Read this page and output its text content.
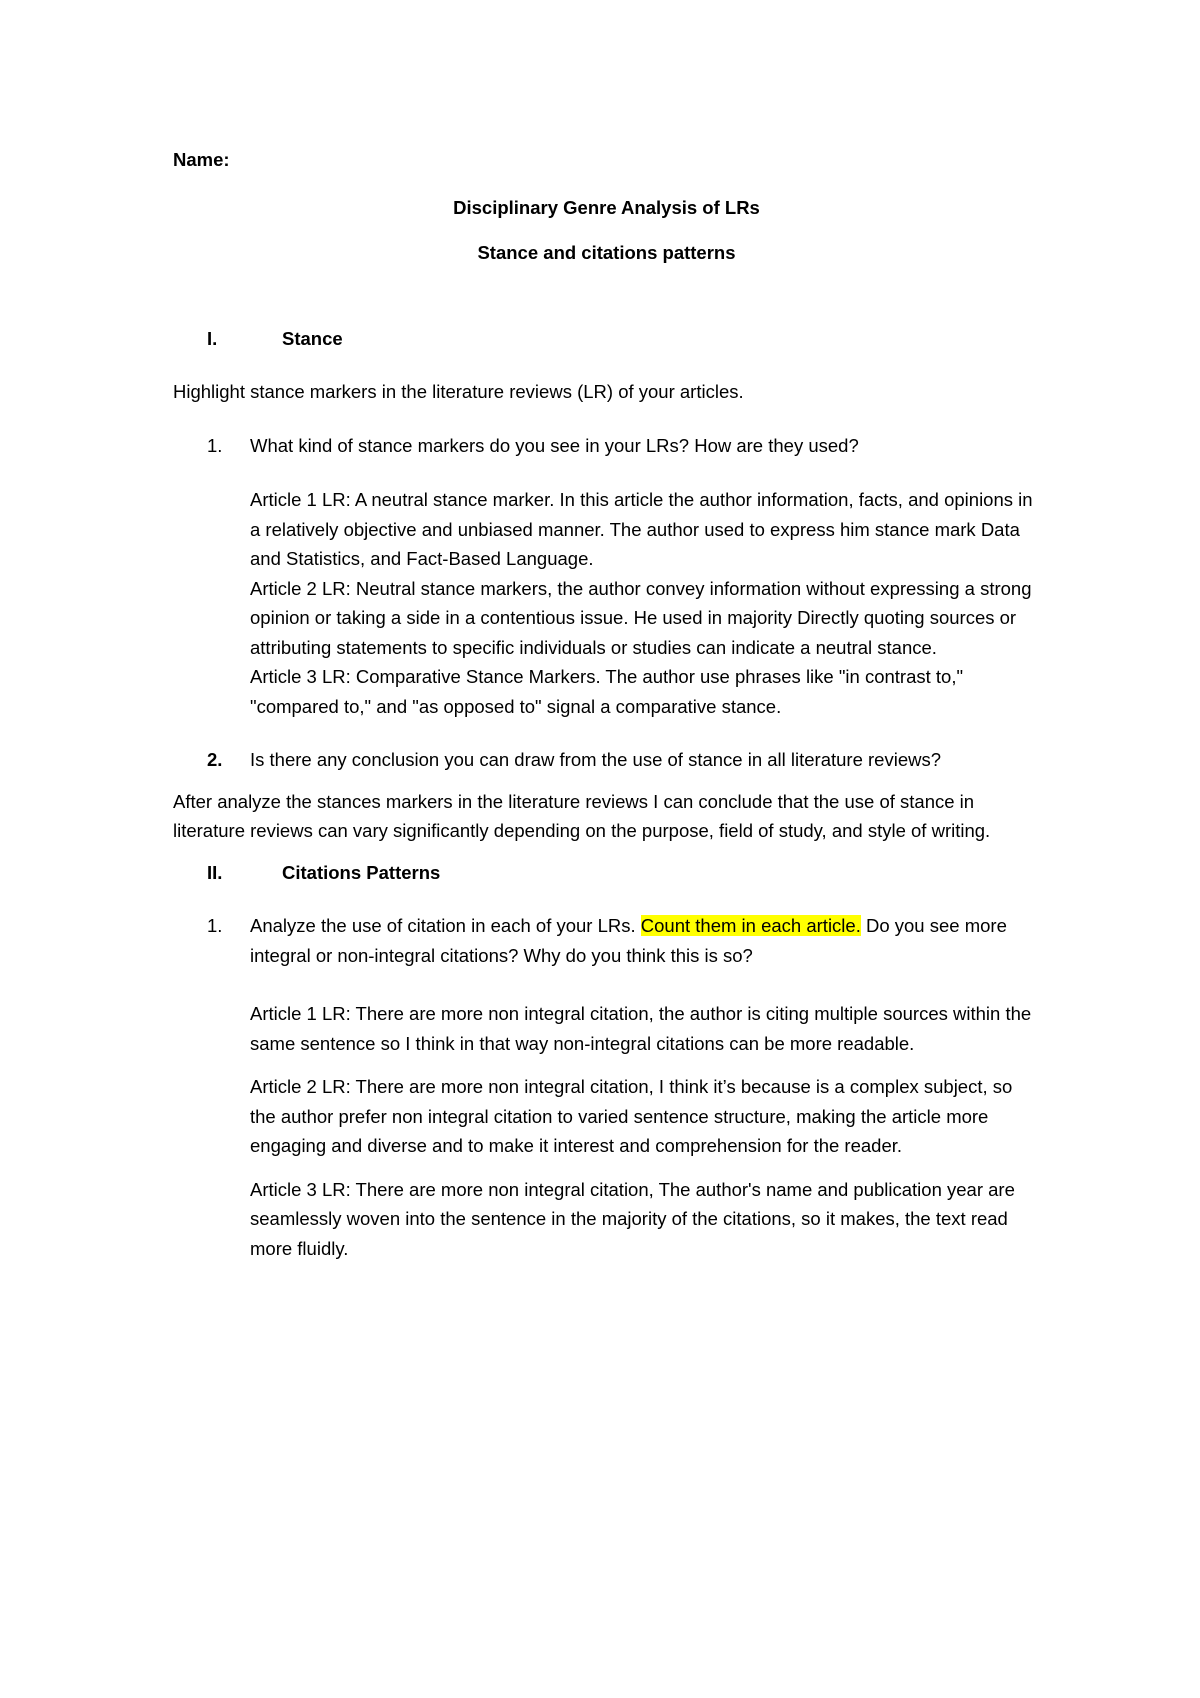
Name:

Disciplinary Genre Analysis of LRs

Stance and citations patterns

I.	Stance

Highlight stance markers in the literature reviews (LR) of your articles.

1.	What kind of stance markers do you see in your LRs? How are they used?

Article 1 LR: A neutral stance marker. In this article the author information, facts, and opinions in a relatively objective and unbiased manner. The author used to express him stance mark Data and Statistics, and Fact-Based Language.

Article 2 LR: Neutral stance markers, the author convey information without expressing a strong opinion or taking a side in a contentious issue. He used in majority Directly quoting sources or attributing statements to specific individuals or studies can indicate a neutral stance.

Article 3 LR: Comparative Stance Markers. The author use phrases like "in contrast to," "compared to," and "as opposed to" signal a comparative stance.

2.	Is there any conclusion you can draw from the use of stance in all literature reviews?

After analyze the stances markers in the literature reviews I can conclude that the use of stance in literature reviews can vary significantly depending on the purpose, field of study, and style of writing.

II.	Citations Patterns
1.	Analyze the use of citation in each of your LRs. Count them in each article. Do you see more integral or non-integral citations? Why do you think this is so?

Article 1 LR: There are more non integral citation, the author is citing multiple sources within the same sentence so I think in that way non-integral citations can be more readable.

Article 2 LR: There are more non integral citation, I think it’s because is a complex subject, so the author prefer non integral citation to varied sentence structure, making the article more engaging and diverse and to make it interest and comprehension for the reader.

Article 3 LR: There are more non integral citation, The author's name and publication year are seamlessly woven into the sentence in the majority of the citations, so it makes, the text read more fluidly.
